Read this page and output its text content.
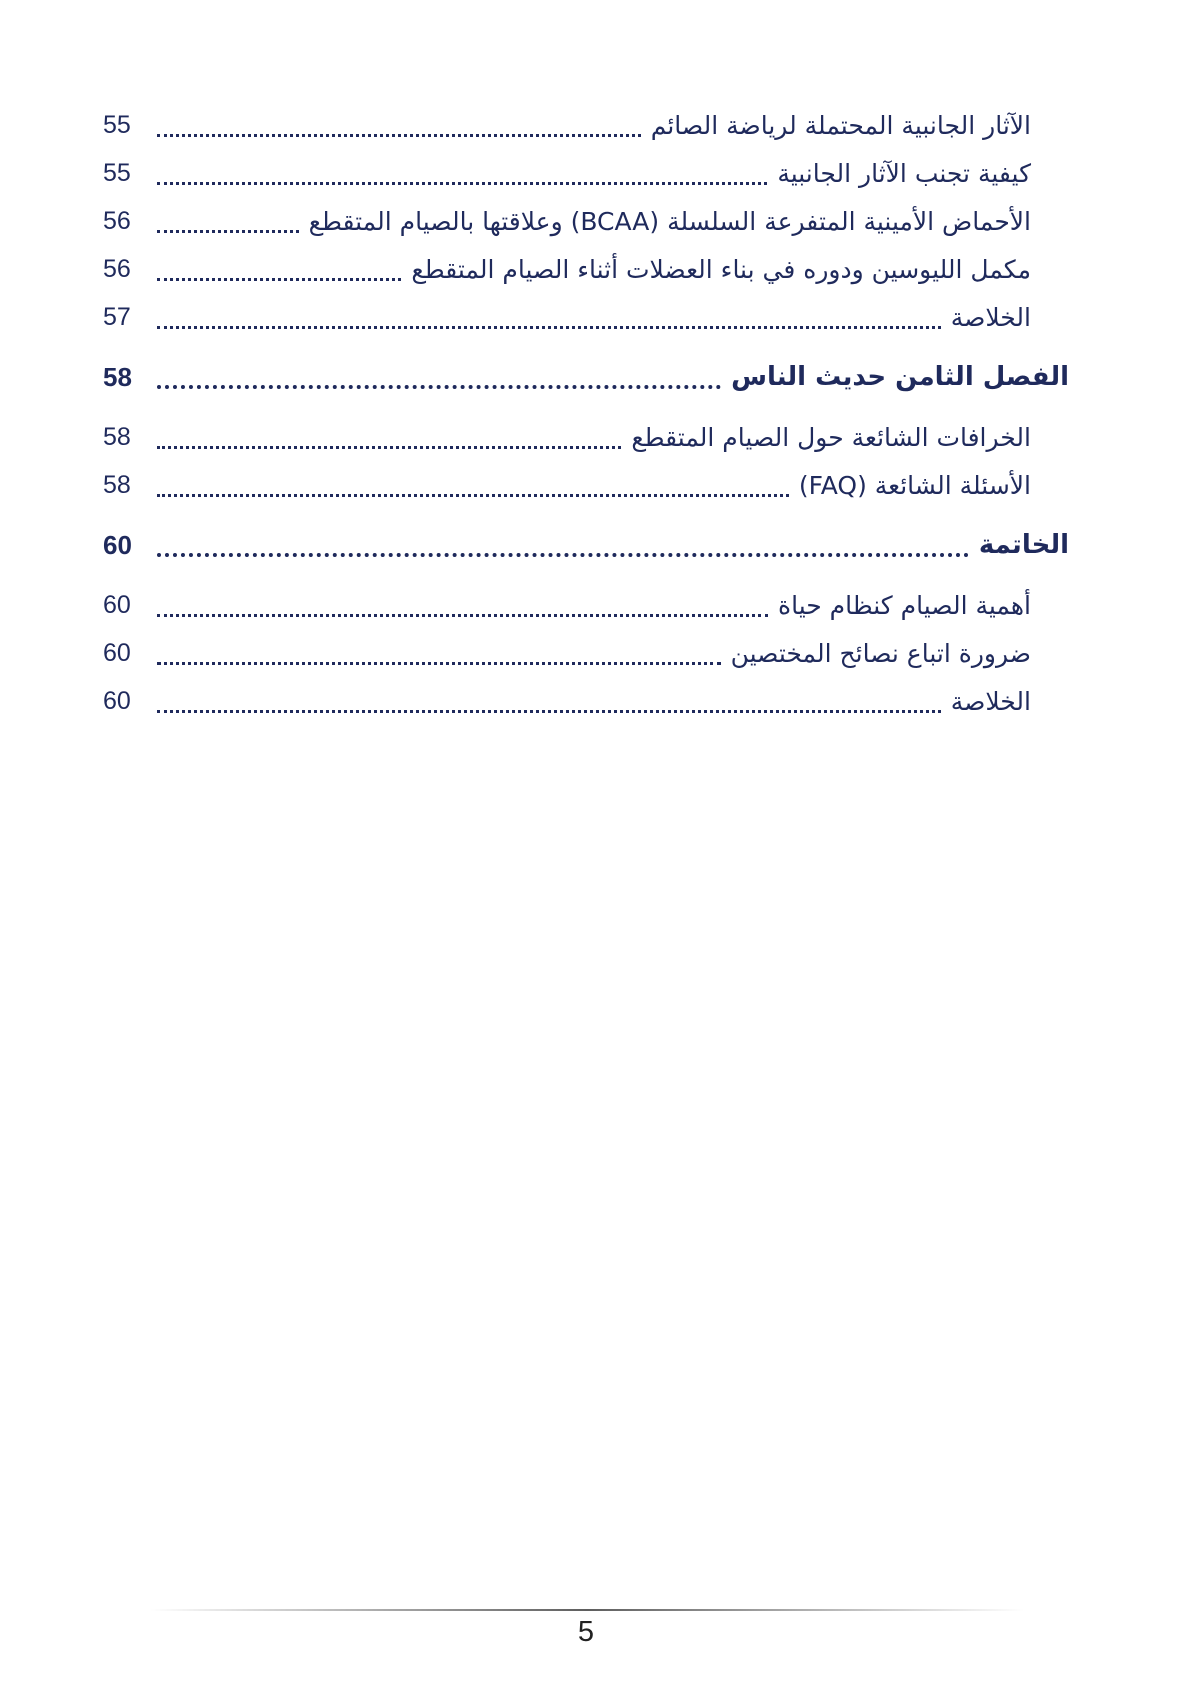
الآثار الجانبية المحتملة لرياضة الصائم
55
كيفية تجنب الآثار الجانبية
55
الأحماض الأمينية المتفرعة السلسلة (BCAA) وعلاقتها بالصيام المتقطع
56
مكمل الليوسين ودوره في بناء العضلات أثناء الصيام المتقطع
56
الخلاصة
57
الفصل الثامن حديث الناس
58
الخرافات الشائعة حول الصيام المتقطع
58
الأسئلة الشائعة (FAQ)
58
الخاتمة
60
أهمية الصيام كنظام حياة
60
ضرورة اتباع نصائح المختصين
60
الخلاصة
60
5
